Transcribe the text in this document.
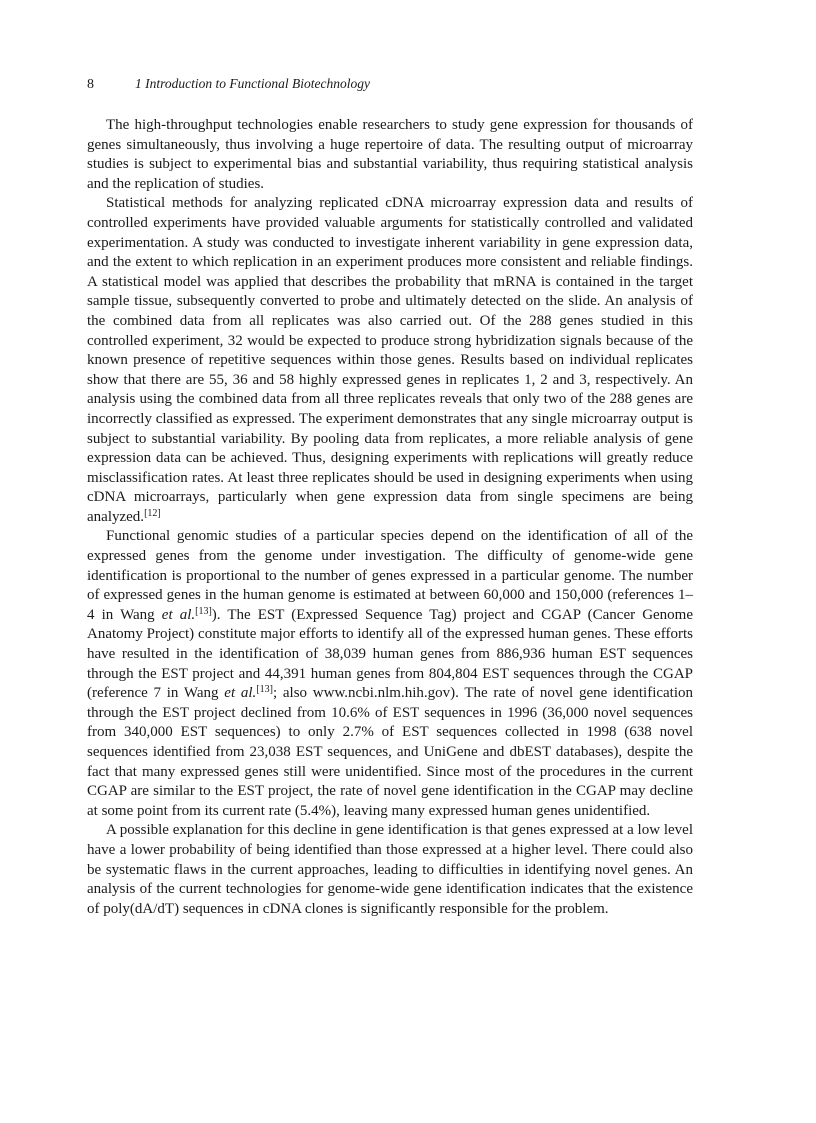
8	1 Introduction to Functional Biotechnology

The high-throughput technologies enable researchers to study gene expression for thousands of genes simultaneously, thus involving a huge repertoire of data. The resulting output of microarray studies is subject to experimental bias and substantial variability, thus requiring statistical analysis and the replication of studies.

Statistical methods for analyzing replicated cDNA microarray expression data and results of controlled experiments have provided valuable arguments for statistically controlled and validated experimentation. A study was conducted to investigate inherent variability in gene expression data, and the extent to which replication in an experiment produces more consistent and reliable findings. A statistical model was applied that describes the probability that mRNA is contained in the target sample tissue, subsequently converted to probe and ultimately detected on the slide. An analysis of the combined data from all replicates was also carried out. Of the 288 genes studied in this controlled experiment, 32 would be expected to produce strong hybridization signals because of the known presence of repetitive sequences within those genes. Results based on individual replicates show that there are 55, 36 and 58 highly expressed genes in replicates 1, 2 and 3, respectively. An analysis using the combined data from all three replicates reveals that only two of the 288 genes are incorrectly classified as expressed. The experiment demonstrates that any single microarray output is subject to substantial variability. By pooling data from replicates, a more reliable analysis of gene expression data can be achieved. Thus, designing experiments with replications will greatly reduce misclassification rates. At least three replicates should be used in designing experiments when using cDNA microarrays, particularly when gene expression data from single specimens are being analyzed.[12]

Functional genomic studies of a particular species depend on the identification of all of the expressed genes from the genome under investigation. The difficulty of genome-wide gene identification is proportional to the number of genes expressed in a particular genome. The number of expressed genes in the human genome is estimated at between 60,000 and 150,000 (references 1–4 in Wang et al.[13]). The EST (Expressed Sequence Tag) project and CGAP (Cancer Genome Anatomy Project) constitute major efforts to identify all of the expressed human genes. These efforts have resulted in the identification of 38,039 human genes from 886,936 human EST sequences through the EST project and 44,391 human genes from 804,804 EST sequences through the CGAP (reference 7 in Wang et al.[13]; also www.ncbi.nlm.hih.gov). The rate of novel gene identification through the EST project declined from 10.6% of EST sequences in 1996 (36,000 novel sequences from 340,000 EST sequences) to only 2.7% of EST sequences collected in 1998 (638 novel sequences identified from 23,038 EST sequences, and UniGene and dbEST databases), despite the fact that many expressed genes still were unidentified. Since most of the procedures in the current CGAP are similar to the EST project, the rate of novel gene identification in the CGAP may decline at some point from its current rate (5.4%), leaving many expressed human genes unidentified.

A possible explanation for this decline in gene identification is that genes expressed at a low level have a lower probability of being identified than those expressed at a higher level. There could also be systematic flaws in the current approaches, leading to difficulties in identifying novel genes. An analysis of the current technologies for genome-wide gene identification indicates that the existence of poly(dA/dT) sequences in cDNA clones is significantly responsible for the problem.
